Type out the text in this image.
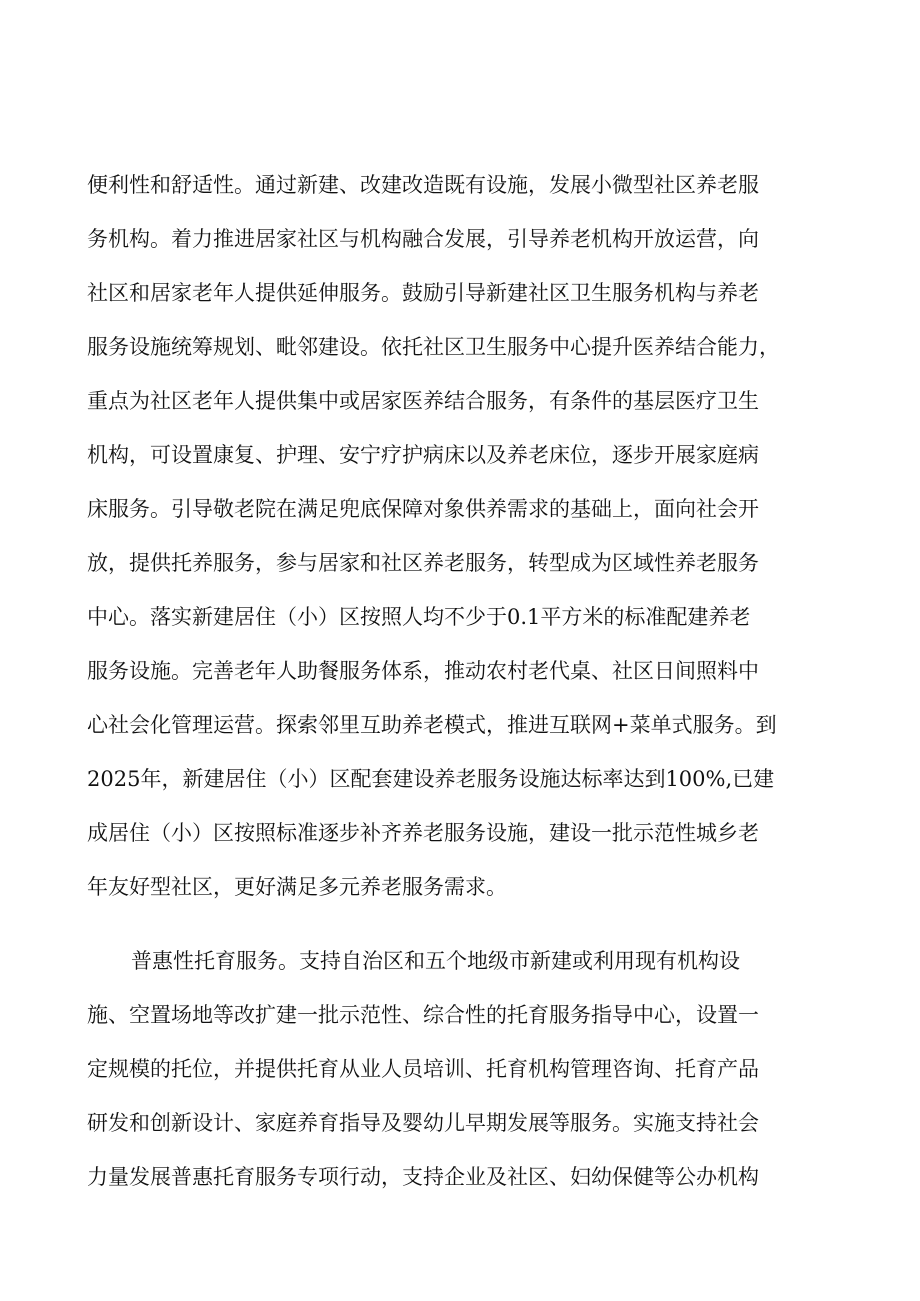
便利性和舒适性。通过新建、改建改造既有设施，发展小微型社区养老服
务机构。着力推进居家社区与机构融合发展，引导养老机构开放运营，向
社区和居家老年人提供延伸服务。鼓励引导新建社区卫生服务机构与养老
服务设施统筹规划、毗邻建设。依托社区卫生服务中心提升医养结合能力，
重点为社区老年人提供集中或居家医养结合服务，有条件的基层医疗卫生
机构，可设置康复、护理、安宁疗护病床以及养老床位，逐步开展家庭病
床服务。引导敬老院在满足兜底保障对象供养需求的基础上，面向社会开
放，提供托养服务，参与居家和社区养老服务，转型成为区域性养老服务
中心。落实新建居住（小）区按照人均不少于0.1平方米的标准配建养老
服务设施。完善老年人助餐服务体系，推动农村老代桌、社区日间照料中
心社会化管理运营。探索邻里互助养老模式，推进互联网+菜单式服务。到
2025年，新建居住（小）区配套建设养老服务设施达标率达到100%,已建
成居住（小）区按照标准逐步补齐养老服务设施，建设一批示范性城乡老
年友好型社区，更好满足多元养老服务需求。
普惠性托育服务。支持自治区和五个地级市新建或利用现有机构设
施、空置场地等改扩建一批示范性、综合性的托育服务指导中心，设置一
定规模的托位，并提供托育从业人员培训、托育机构管理咨询、托育产品
研发和创新设计、家庭养育指导及婴幼儿早期发展等服务。实施支持社会
力量发展普惠托育服务专项行动，支持企业及社区、妇幼保健等公办机构
